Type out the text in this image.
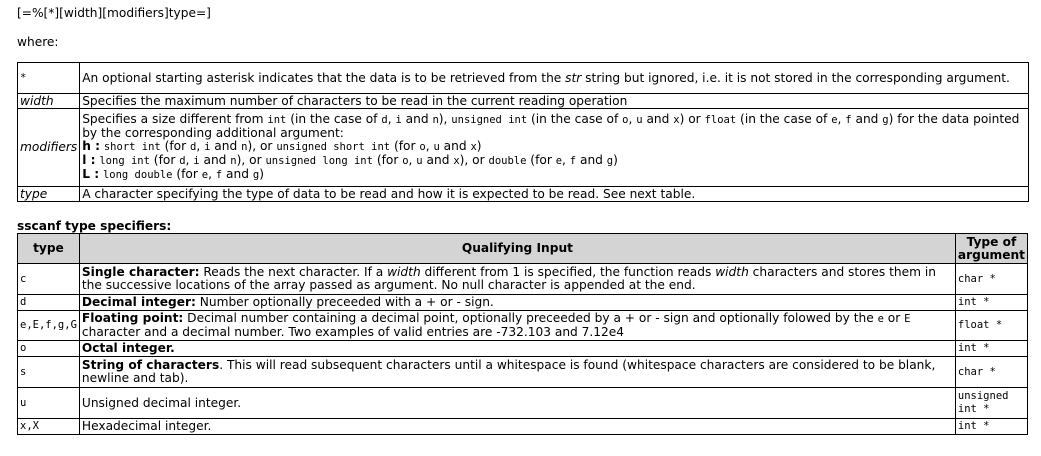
[=%[*][width][modifiers]type=]
where:
*	An optional starting asterisk indicates that the data is to be retrieved from the str string but ignored, i.e. it is not stored in the corresponding argument.
width	Specifies the maximum number of characters to be read in the current reading operation
modifiers	Specifies a size different from int (in the case of d, i and n), unsigned int (in the case of o, u and x) or float (in the case of e, f and g) for the data pointed by the corresponding additional argument:
h : short int (for d, i and n), or unsigned short int (for o, u and x)
l : long int (for d, i and n), or unsigned long int (for o, u and x), or double (for e, f and g)
L : long double (for e, f and g)

type	A character specifying the type of data to be read and how it is expected to be read. See next table.
sscanf type specifiers:
type	Qualifying Input	Type of argument
c	Single character: Reads the next character. If a width different from 1 is specified, the function reads width characters and stores them in the successive locations of the array passed as argument. No null character is appended at the end.	char *
d	Decimal integer: Number optionally preceeded with a + or - sign.	int *
e,E,f,g,G	Floating point: Decimal number containing a decimal point, optionally preceeded by a + or - sign and optionally folowed by the e or E character and a decimal number. Two examples of valid entries are -732.103 and 7.12e4	float *
o	Octal integer.	int *
s	String of characters. This will read subsequent characters until a whitespace is found (whitespace characters are considered to be blank, newline and tab).	char *
u	Unsigned decimal integer.	unsigned int *
x,X	Hexadecimal integer.	int *
